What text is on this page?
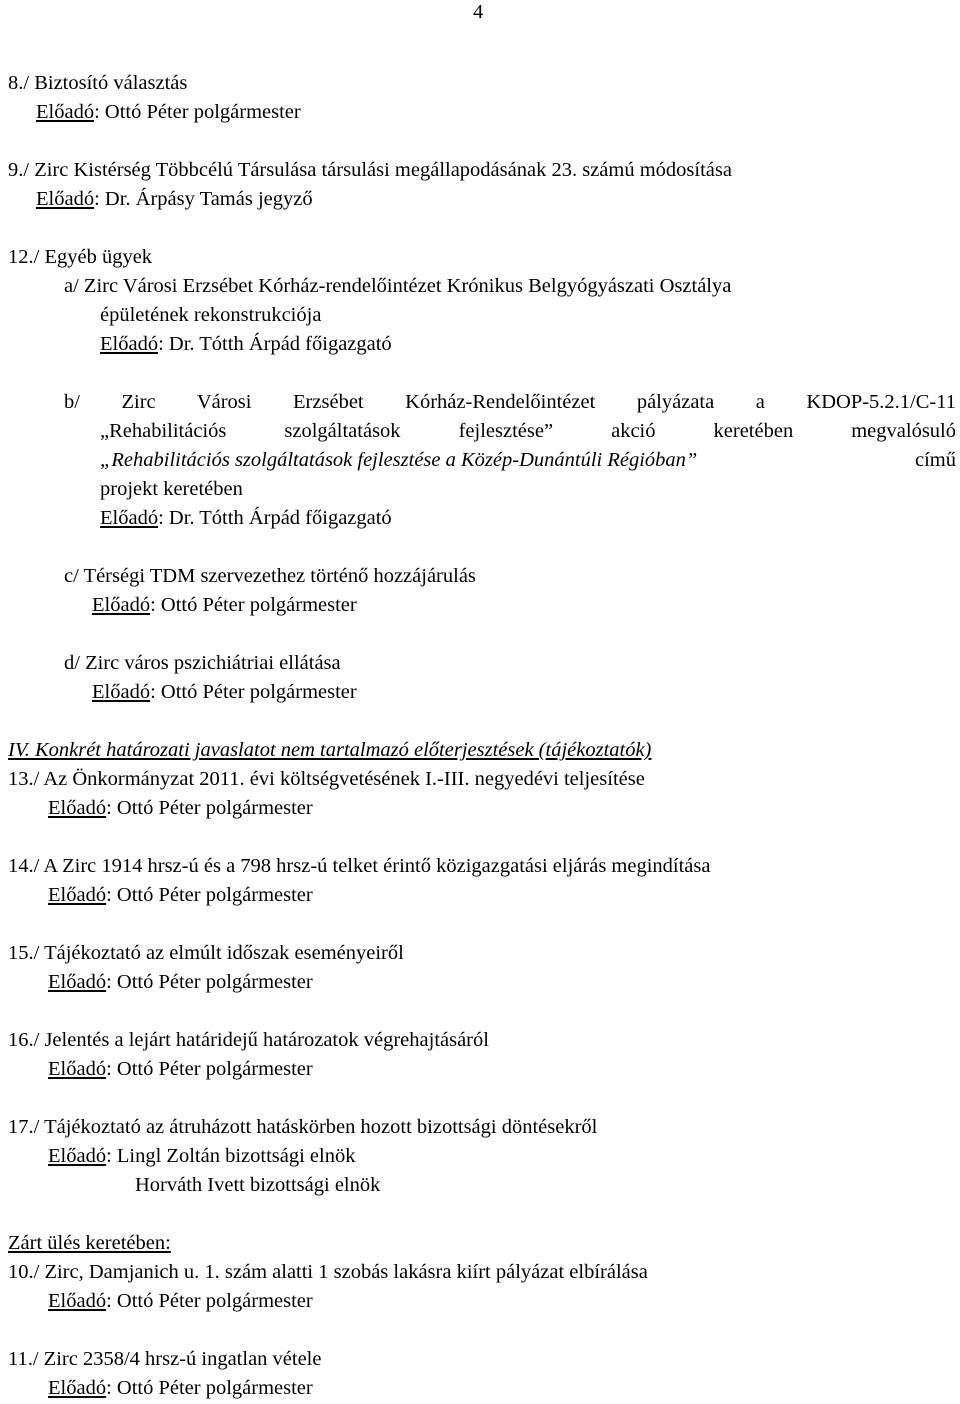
4
8./ Biztosító választás
Előadó: Ottó Péter polgármester
9./ Zirc Kistérség Többcélú Társulása társulási megállapodásának 23. számú módosítása
Előadó: Dr. Árpásy Tamás jegyző
12./ Egyéb ügyek
a/ Zirc Városi Erzsébet Kórház-rendelőintézet Krónikus Belgyógyászati Osztálya
épületének rekonstrukciója
Előadó: Dr. Tótth Árpád főigazgató
b/ Zirc Városi Erzsébet Kórház-Rendelőintézet pályázata a KDOP-5.2.1/C-11
„Rehabilitációs szolgáltatások fejlesztése” akció keretében megvalósuló
„Rehabilitációs szolgáltatások fejlesztése a Közép-Dunántúli Régióban”	című
projekt keretében
Előadó: Dr. Tótth Árpád főigazgató
c/ Térségi TDM szervezethez történő hozzájárulás
Előadó: Ottó Péter polgármester
d/ Zirc város pszichiátriai ellátása
Előadó: Ottó Péter polgármester
IV. Konkrét határozati javaslatot nem tartalmazó előterjesztések (tájékoztatók)
13./ Az Önkormányzat 2011. évi költségvetésének I.-III. negyedévi teljesítése
Előadó: Ottó Péter polgármester
14./ A Zirc 1914 hrsz-ú és a 798 hrsz-ú telket érintő közigazgatási eljárás megindítása
Előadó: Ottó Péter polgármester
15./ Tájékoztató az elmúlt időszak eseményeiről
Előadó: Ottó Péter polgármester
16./ Jelentés a lejárt határidejű határozatok végrehajtásáról
Előadó: Ottó Péter polgármester
17./ Tájékoztató az átruházott hatáskörben hozott bizottsági döntésekről
Előadó: Lingl Zoltán bizottsági elnök
Horváth Ivett bizottsági elnök
Zárt ülés keretében:
10./ Zirc, Damjanich u. 1. szám alatti 1 szobás lakásra kiírt pályázat elbírálása
Előadó: Ottó Péter polgármester
11./ Zirc 2358/4 hrsz-ú ingatlan vétele
Előadó: Ottó Péter polgármester
